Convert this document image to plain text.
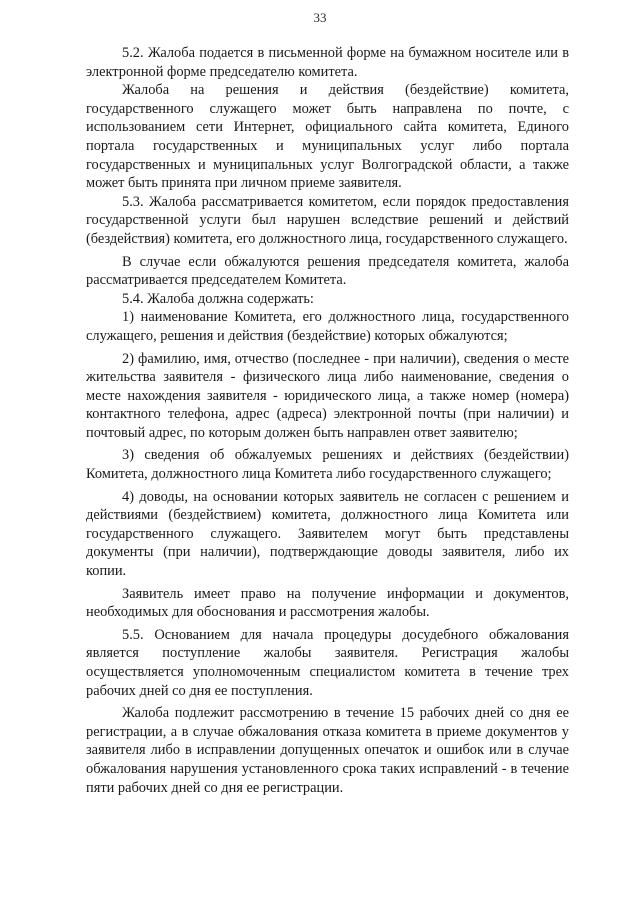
33

5.2. Жалоба подается в письменной форме на бумажном носителе или в электронной форме председателю комитета.

Жалоба на решения и действия (бездействие) комитета, государственного служащего может быть направлена по почте, с использованием сети Интернет, официального сайта комитета, Единого портала государственных и муниципальных услуг либо портала государственных и муниципальных услуг Волгоградской области, а также может быть принята при личном приеме заявителя.

5.3. Жалоба рассматривается комитетом, если порядок предоставления государственной услуги был нарушен вследствие решений и действий (бездействия) комитета, его должностного лица, государственного служащего.

В случае если обжалуются решения председателя комитета, жалоба рассматривается председателем Комитета.

5.4. Жалоба должна содержать:

1) наименование Комитета, его должностного лица, государственного служащего, решения и действия (бездействие) которых обжалуются;

2) фамилию, имя, отчество (последнее - при наличии), сведения о месте жительства заявителя - физического лица либо наименование, сведения о месте нахождения заявителя - юридического лица, а также номер (номера) контактного телефона, адрес (адреса) электронной почты (при наличии) и почтовый адрес, по которым должен быть направлен ответ заявителю;

3) сведения об обжалуемых решениях и действиях (бездействии) Комитета, должностного лица Комитета либо государственного служащего;

4) доводы, на основании которых заявитель не согласен с решением и действиями (бездействием) комитета, должностного лица Комитета или государственного служащего. Заявителем могут быть представлены документы (при наличии), подтверждающие доводы заявителя, либо их копии.

Заявитель имеет право на получение информации и документов, необходимых для обоснования и рассмотрения жалобы.

5.5. Основанием для начала процедуры досудебного обжалования является поступление жалобы заявителя. Регистрация жалобы осуществляется уполномоченным специалистом комитета в течение трех рабочих дней со дня ее поступления.

Жалоба подлежит рассмотрению в течение 15 рабочих дней со дня ее регистрации, а в случае обжалования отказа комитета в приеме документов у заявителя либо в исправлении допущенных опечаток и ошибок или в случае обжалования нарушения установленного срока таких исправлений - в течение пяти рабочих дней со дня ее регистрации.
